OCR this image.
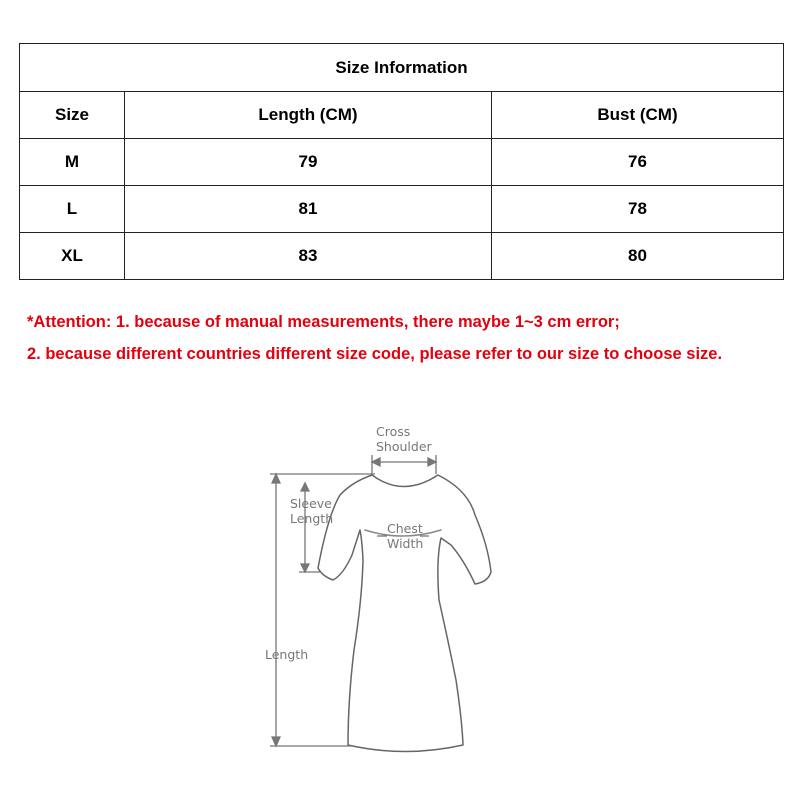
Size Information		
Size	Length (CM)	Bust (CM)
M	79	76
L	81	78
XL	83	80
*Attention: 1. because of manual measurements, there maybe 1~3 cm error;
2. because different countries different size code, please refer to our size to choose size.
Cross
Shoulder
Sleeve
Length
Chest
Width
Length
